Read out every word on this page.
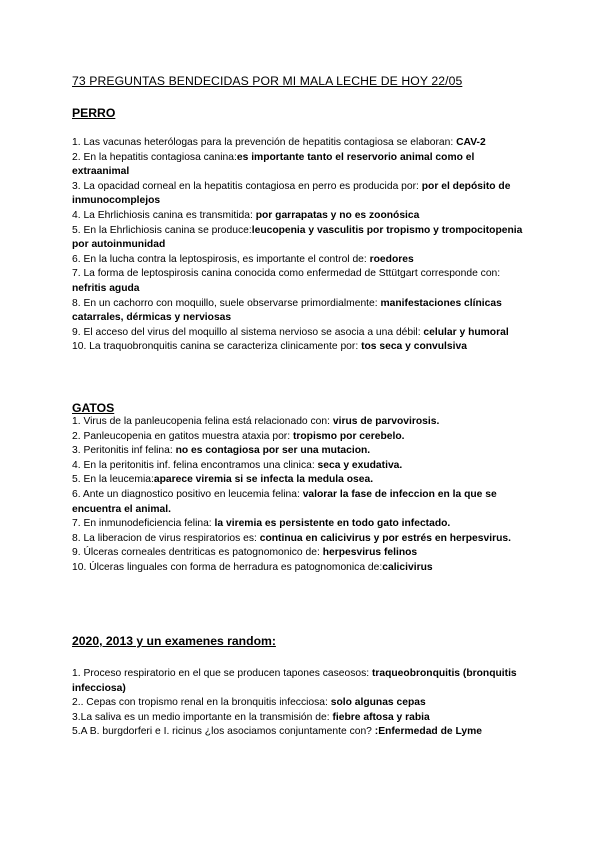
73 PREGUNTAS BENDECIDAS POR MI MALA LECHE DE HOY 22/05
PERRO
1. Las vacunas heterólogas para la prevención de hepatitis contagiosa se elaboran: CAV-2
2. En la hepatitis contagiosa canina:es importante tanto el reservorio animal como el extraanimal
3. La opacidad corneal en la hepatitis contagiosa en perro es producida por: por el depósito de inmunocomplejos
4. La Ehrlichiosis canina es transmitida: por garrapatas y no es zoonósica
5. En la Ehrlichiosis canina se produce:leucopenia y vasculitis por tropismo y trompocitopenia por autoinmunidad
6. En la lucha contra la leptospirosis, es importante el control de: roedores
7. La forma de leptospirosis canina conocida como enfermedad de Sttütgart corresponde con: nefritis aguda
8. En un cachorro con moquillo, suele observarse primordialmente: manifestaciones clínicas catarrales, dérmicas y nerviosas
9. El acceso del virus del moquillo al sistema nervioso se asocia a una débil: celular y humoral
10. La traquobronquitis canina se caracteriza clinicamente por: tos seca y convulsiva
GATOS
1. Virus de la panleucopenia felina está relacionado con: virus de parvovirosis.
2. Panleucopenia en gatitos muestra ataxia por: tropismo por cerebelo.
3. Peritonitis inf felina: no es contagiosa por ser una mutacion.
4. En la peritonitis inf. felina encontramos una clinica: seca y exudativa.
5. En la leucemia:aparece viremia si se infecta la medula osea.
6. Ante un diagnostico positivo en leucemia felina: valorar la fase de infeccion en la que se encuentra el animal.
7. En inmunodeficiencia felina: la viremia es persistente en todo gato infectado.
8. La liberacion de virus respiratorios es: continua en calicivirus y por estrés en herpesvirus.
9. Úlceras corneales dentriticas es patognomonico de: herpesvirus felinos
10. Úlceras linguales con forma de herradura es patognomonica de:calicivirus
2020, 2013 y un examenes random:
1. Proceso respiratorio en el que se producen tapones caseosos: traqueobronquitis (bronquitis infecciosa)
2.. Cepas con tropismo renal en la bronquitis infecciosa: solo algunas cepas
3.La saliva es un medio importante en la transmisión de: fiebre aftosa y rabia
5.A B. burgdorferi e I. ricinus ¿los asociamos conjuntamente con? :Enfermedad de Lyme
